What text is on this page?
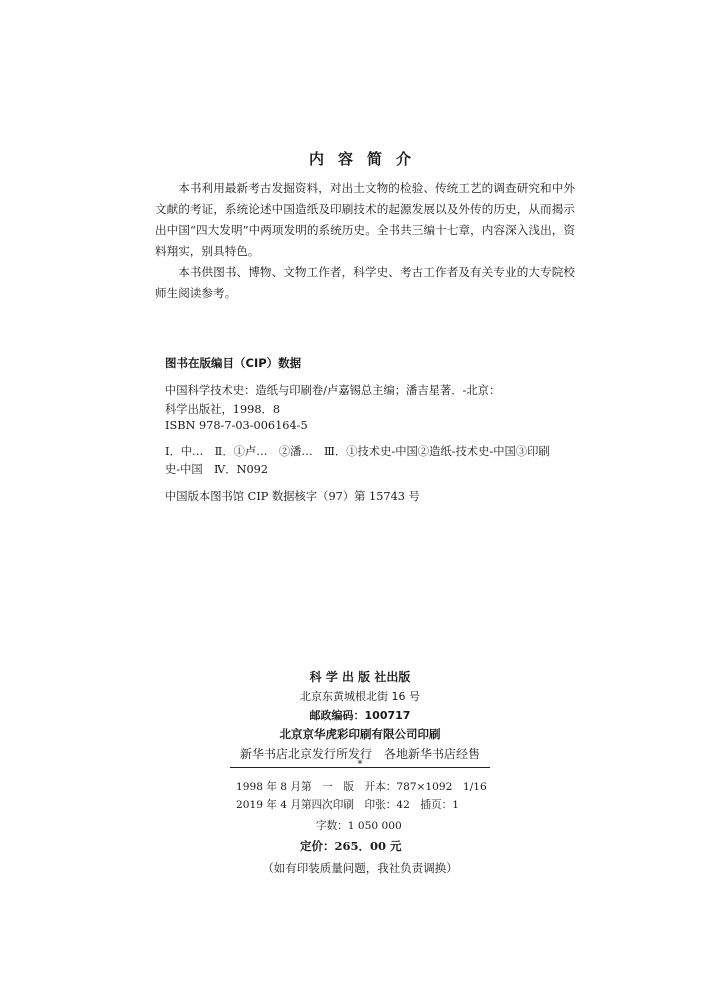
内容简介

本书利用最新考古发掘资料，对出土文物的检验、传统工艺的调查研究和中外文献的考证，系统论述中国造纸及印刷技术的起源发展以及外传的历史，从而揭示出中国“四大发明”中两项发明的系统历史。全书共三编十七章，内容深入浅出，资料翔实，别具特色。

本书供图书、博物、文物工作者，科学史、考古工作者及有关专业的大专院校师生阅读参考。

图书在版编目（CIP）数据
中国科学技术史：造纸与印刷卷/卢嘉锡总主编；潘吉星著．-北京：
科学出版社，1998．8
ISBN 978-7-03-006164-5
Ⅰ．中…　Ⅱ．①卢…　②潘…　Ⅲ．①技术史-中国②造纸-技术史-中国③印刷
史-中国　Ⅳ．N092
中国版本图书馆 CIP 数据核字（97）第 15743 号
科 学 出 版 社出版
北京东黄城根北街 16 号
邮政编码：100717
北京京华虎彩印刷有限公司印刷
新华书店北京发行所发行　各地新华书店经售
*
1998 年 8 月第　一　版　开本：787×1092　1/16
2019 年 4 月第四次印刷　印张：42　插页：1
字数：1 050 000
定价：265．00 元
（如有印装质量问题，我社负责调换）
